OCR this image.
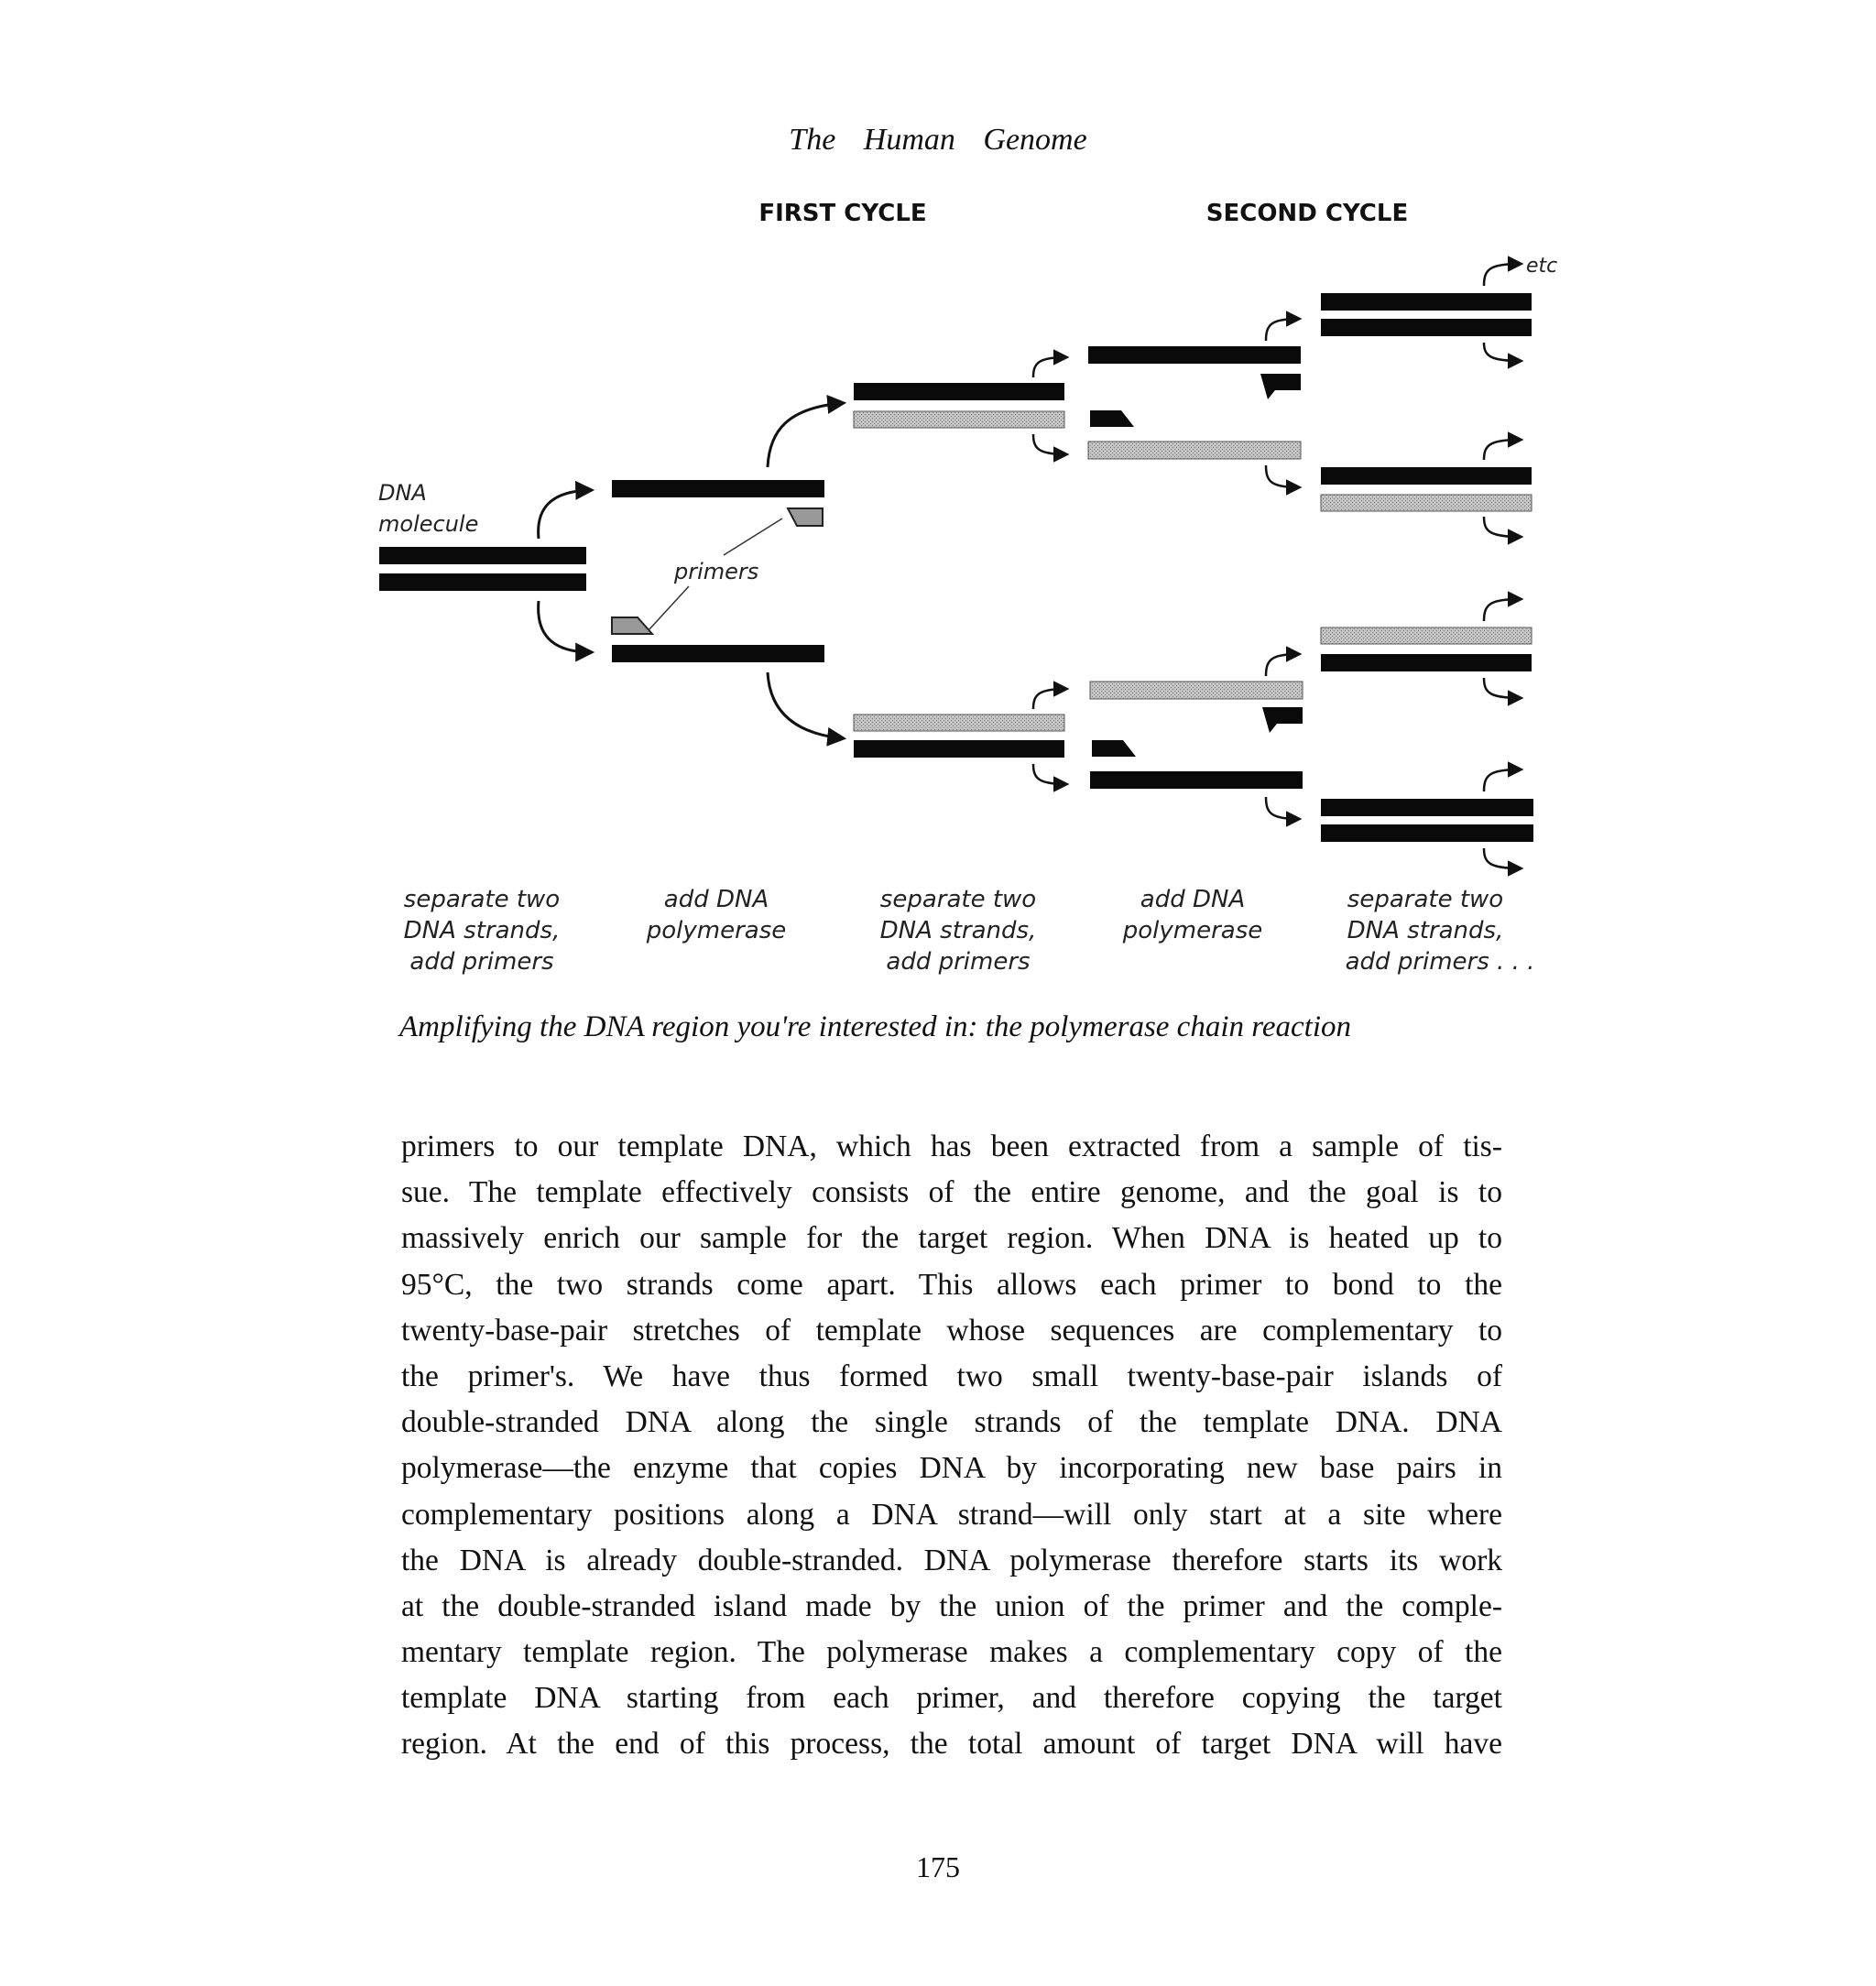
The Human Genome
FIRST CYCLE	SECOND CYCLE
DNA
molecule
primers
etc
separate two
DNA strands,
add primers
add DNA
polymerase
separate two
DNA strands,
add primers
add DNA
polymerase
separate two
DNA strands,
add primers . . .
Amplifying the DNA region you're interested in: the polymerase chain reaction
primers to our template DNA, which has been extracted from a sample of tis-
sue. The template effectively consists of the entire genome, and the goal is to
massively enrich our sample for the target region. When DNA is heated up to
95°C, the two strands come apart. This allows each primer to bond to the
twenty-base-pair stretches of template whose sequences are complementary to
the primer's. We have thus formed two small twenty-base-pair islands of
double-stranded DNA along the single strands of the template DNA. DNA
polymerase—the enzyme that copies DNA by incorporating new base pairs in
complementary positions along a DNA strand—will only start at a site where
the DNA is already double-stranded. DNA polymerase therefore starts its work
at the double-stranded island made by the union of the primer and the comple-
mentary template region. The polymerase makes a complementary copy of the
template DNA starting from each primer, and therefore copying the target
region. At the end of this process, the total amount of target DNA will have
175
